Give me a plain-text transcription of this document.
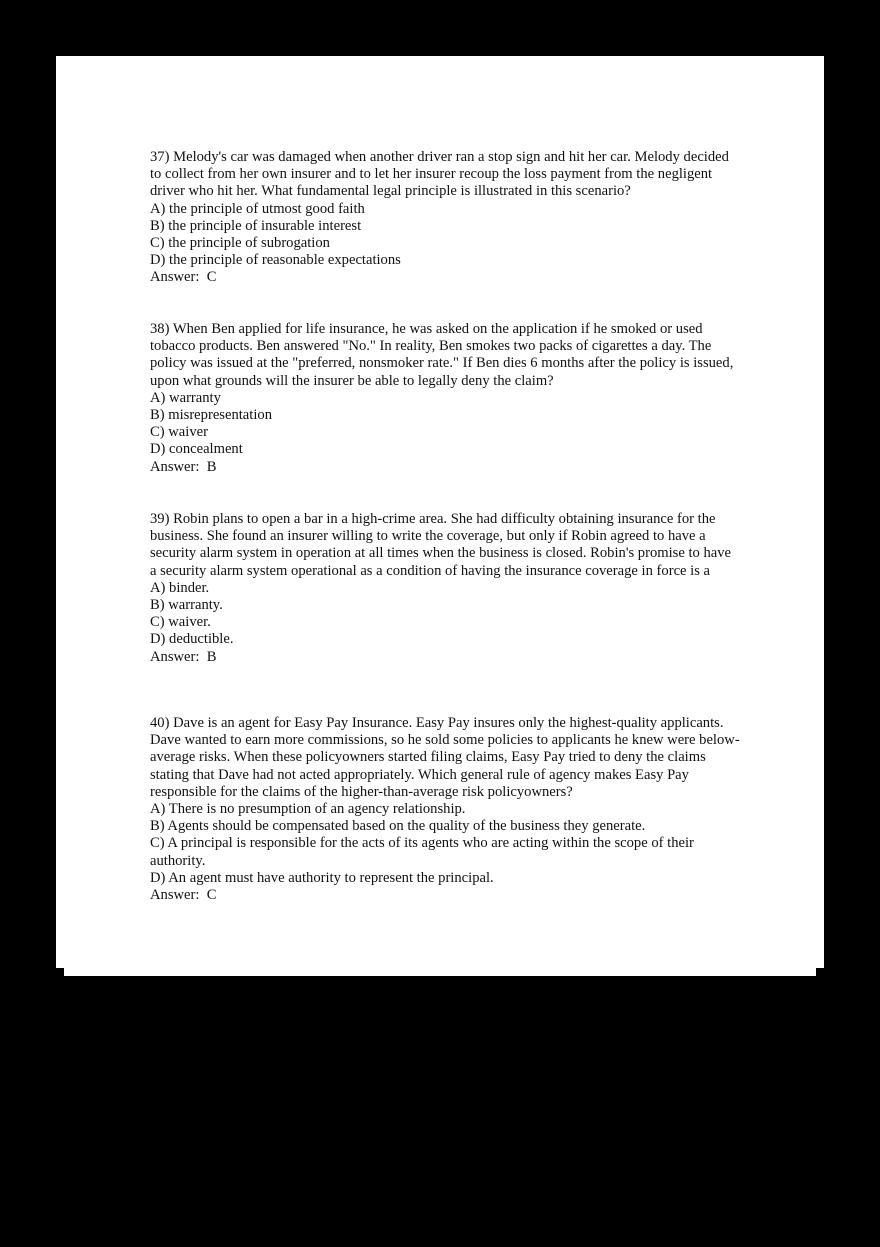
37) Melody's car was damaged when another driver ran a stop sign and hit her car. Melody decided to collect from her own insurer and to let her insurer recoup the loss payment from the negligent driver who hit her. What fundamental legal principle is illustrated in this scenario?

A) the principle of utmost good faith

B) the principle of insurable interest

C) the principle of subrogation

D) the principle of reasonable expectations

Answer:  C

38) When Ben applied for life insurance, he was asked on the application if he smoked or used tobacco products. Ben answered "No." In reality, Ben smokes two packs of cigarettes a day. The policy was issued at the "preferred, nonsmoker rate." If Ben dies 6 months after the policy is issued, upon what grounds will the insurer be able to legally deny the claim?

A) warranty

B) misrepresentation

C) waiver

D) concealment

Answer:  B

39) Robin plans to open a bar in a high-crime area. She had difficulty obtaining insurance for the business. She found an insurer willing to write the coverage, but only if Robin agreed to have a security alarm system in operation at all times when the business is closed. Robin's promise to have a security alarm system operational as a condition of having the insurance coverage in force is a

A) binder.

B) warranty.

C) waiver.

D) deductible.

Answer:  B

40) Dave is an agent for Easy Pay Insurance. Easy Pay insures only the highest-quality applicants. Dave wanted to earn more commissions, so he sold some policies to applicants he knew were below-average risks. When these policyowners started filing claims, Easy Pay tried to deny the claims stating that Dave had not acted appropriately. Which general rule of agency makes Easy Pay responsible for the claims of the higher-than-average risk policyowners?

A) There is no presumption of an agency relationship.

B) Agents should be compensated based on the quality of the business they generate.

C) A principal is responsible for the acts of its agents who are acting within the scope of their authority.

D) An agent must have authority to represent the principal.

Answer:  C
